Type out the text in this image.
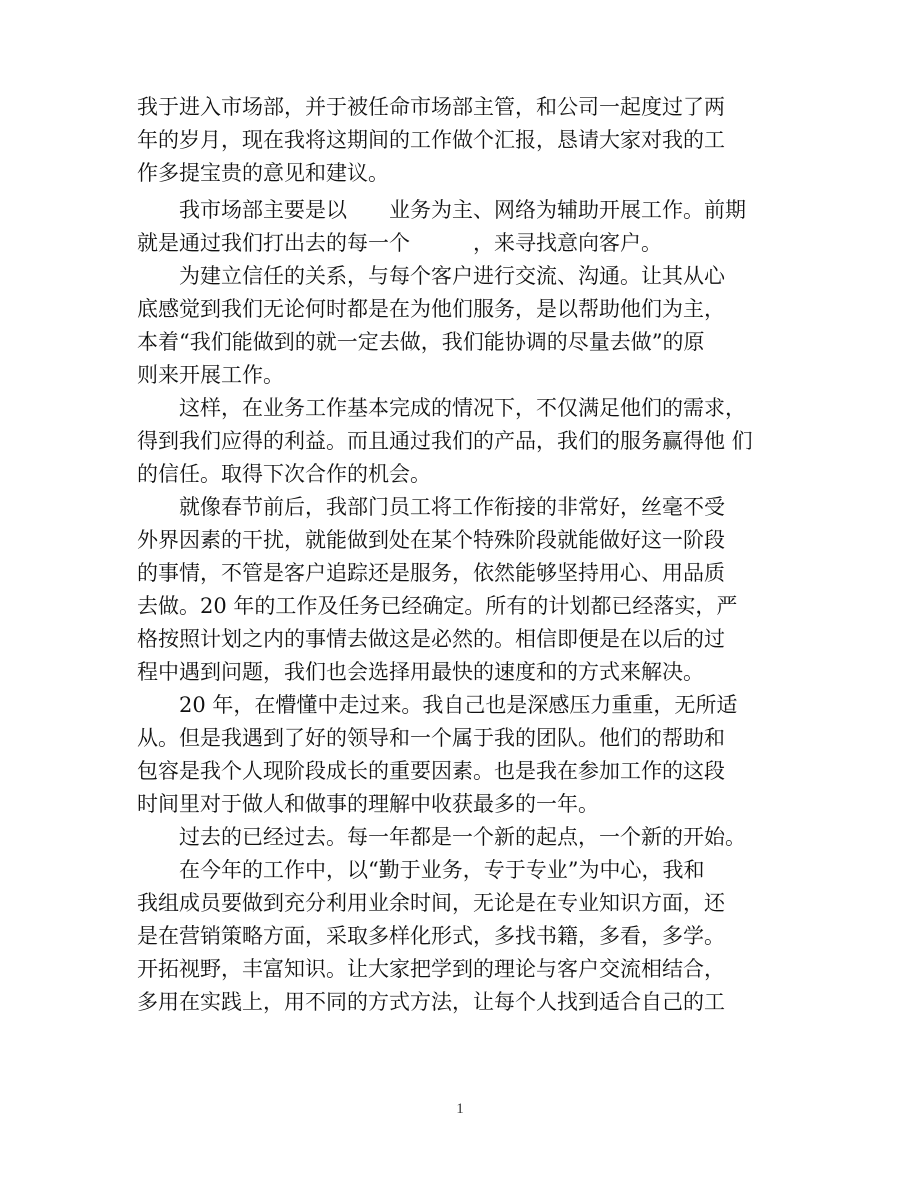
我于进入市场部，并于被任命市场部主管，和公司一起度过了两
年的岁月，现在我将这期间的工作做个汇报，恳请大家对我的工
作多提宝贵的意见和建议。

我市场部主要是以　　业务为主、网络为辅助开展工作。前期
就是通过我们打出去的每一个　　　，来寻找意向客户。

为建立信任的关系，与每个客户进行交流、沟通。让其从心
底感觉到我们无论何时都是在为他们服务，是以帮助他们为主，
本着“我们能做到的就一定去做，我们能协调的尽量去做”的原
则来开展工作。

这样，在业务工作基本完成的情况下，不仅满足他们的需求，
得到我们应得的利益。而且通过我们的产品，我们的服务赢得他 们
的信任。取得下次合作的机会。

就像春节前后，我部门员工将工作衔接的非常好，丝毫不受
外界因素的干扰，就能做到处在某个特殊阶段就能做好这一阶段
的事情，不管是客户追踪还是服务，依然能够坚持用心、用品质
去做。20 年的工作及任务已经确定。所有的计划都已经落实，严
格按照计划之内的事情去做这是必然的。相信即便是在以后的过
程中遇到问题，我们也会选择用最快的速度和的方式来解决。

20 年，在懵懂中走过来。我自己也是深感压力重重，无所适
从。但是我遇到了好的领导和一个属于我的团队。他们的帮助和
包容是我个人现阶段成长的重要因素。也是我在参加工作的这段
时间里对于做人和做事的理解中收获最多的一年。

过去的已经过去。每一年都是一个新的起点，一个新的开始。

在今年的工作中，以“勤于业务，专于专业”为中心，我和
我组成员要做到充分利用业余时间，无论是在专业知识方面，还
是在营销策略方面，采取多样化形式，多找书籍，多看，多学。
开拓视野，丰富知识。让大家把学到的理论与客户交流相结合，
多用在实践上，用不同的方式方法，让每个人找到适合自己的工

1
